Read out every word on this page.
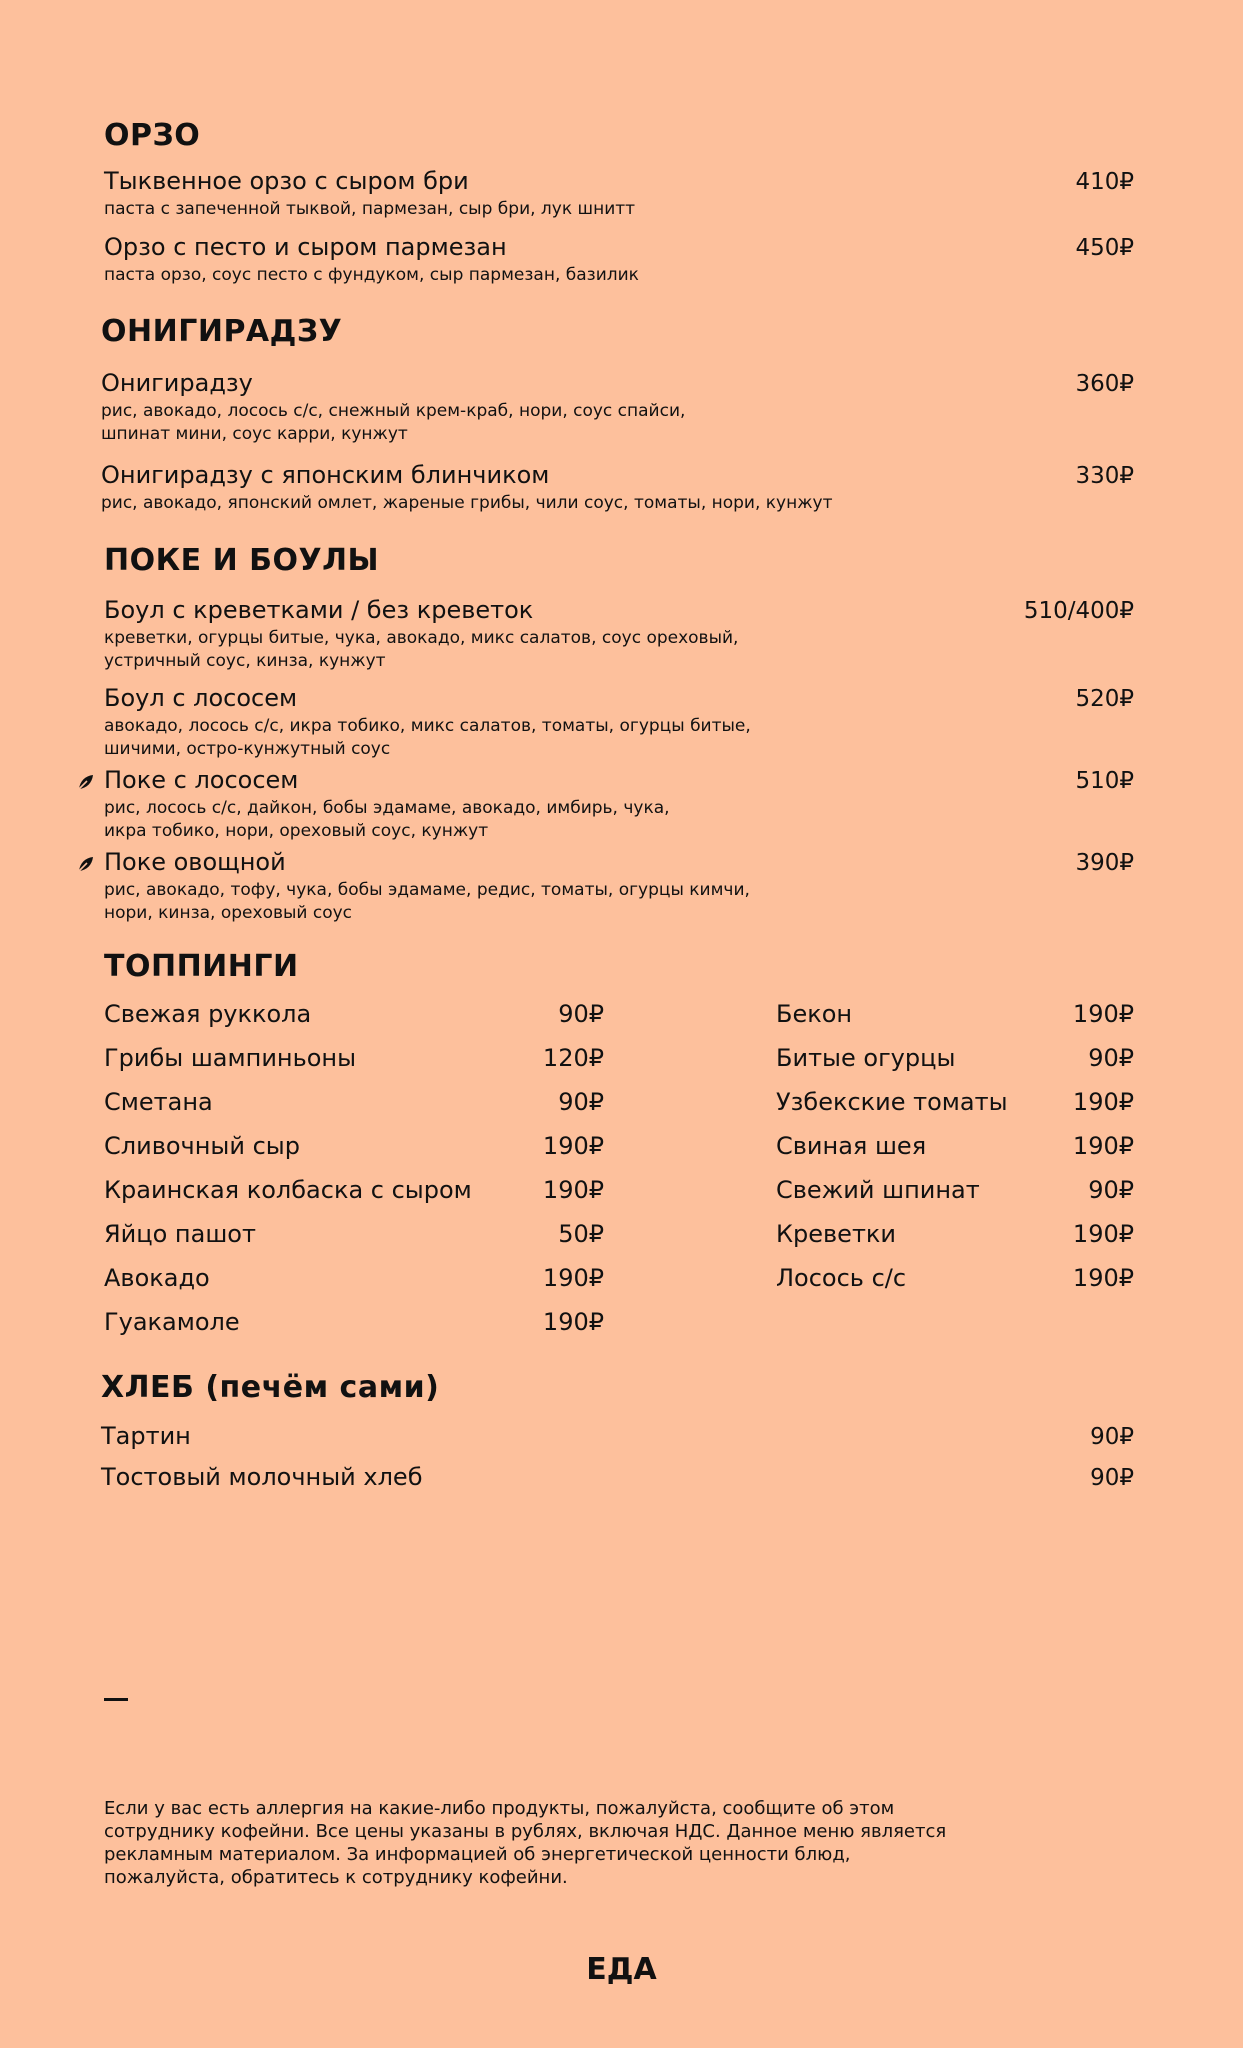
ОРЗО
Тыквенное орзо с сыром бри	410₽
паста с запеченной тыквой, пармезан, сыр бри, лук шнитт
Орзо с песто и сыром пармезан	450₽
паста орзо, соус песто с фундуком, сыр пармезан, базилик
ОНИГИРАДЗУ
Онигирадзу	360₽
рис, авокадо, лосось с/с, снежный крем-краб, нори, соус спайси,
шпинат мини, соус карри, кунжут
Онигирадзу с японским блинчиком	330₽
рис, авокадо, японский омлет, жареные грибы, чили соус, томаты, нори, кунжут
ПОКЕ И БОУЛЫ
Боул с креветками / без креветок	510/400₽
креветки, огурцы битые, чука, авокадо, микс салатов, соус ореховый,
устричный соус, кинза, кунжут
Боул с лососем	520₽
авокадо, лосось с/с, икра тобико, микс салатов, томаты, огурцы битые,
шичими, остро-кунжутный соус
Поке с лососем	510₽
рис, лосось с/с, дайкон, бобы эдамаме, авокадо, имбирь, чука,
икра тобико, нори, ореховый соус, кунжут
Поке овощной	390₽
рис, авокадо, тофу, чука, бобы эдамаме, редис, томаты, огурцы кимчи,
нори, кинза, ореховый соус
ТОППИНГИ
Свежая руккола	90₽
Грибы шампиньоны	120₽
Сметана	90₽
Сливочный сыр	190₽
Краинская колбаска с сыром	190₽
Яйцо пашот	50₽
Авокадо	190₽
Гуакамоле	190₽
Бекон	190₽
Битые огурцы	90₽
Узбекские томаты	190₽
Свиная шея	190₽
Свежий шпинат	90₽
Креветки	190₽
Лосось с/с	190₽
ХЛЕБ (печём сами)
Тартин	90₽
Тостовый молочный хлеб	90₽
Если у вас есть аллергия на какие-либо продукты, пожалуйста, сообщите об этом
сотруднику кофейни. Все цены указаны в рублях, включая НДС. Данное меню является
рекламным материалом. За информацией об энергетической ценности блюд,
пожалуйста, обратитесь к сотруднику кофейни.
ЕДА
